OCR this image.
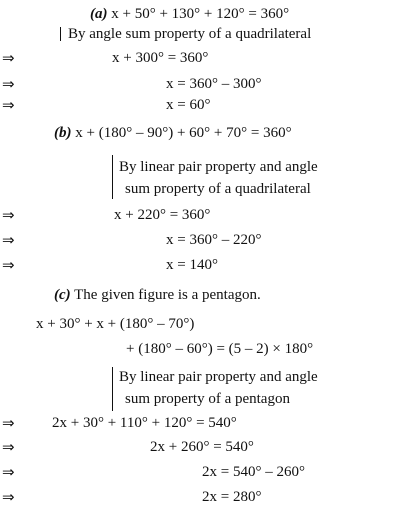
(a) x + 50° + 130° + 120° = 360°
By angle sum property of a quadrilateral
⇒	x + 300° = 360°
⇒	x = 360° – 300°
⇒	x = 60°
(b) x + (180° – 90°) + 60° + 70° = 360°
By linear pair property and angle
sum property of a quadrilateral
⇒	x + 220° = 360°
⇒	x = 360° – 220°
⇒	x = 140°
(c) The given figure is a pentagon.
x + 30° + x + (180° – 70°)
+ (180° – 60°) = (5 – 2) × 180°
By linear pair property and angle
sum property of a pentagon
⇒ 2x + 30° + 110° + 120° = 540°
⇒	2x + 260° = 540°
⇒	2x = 540° – 260°
⇒	2x = 280°
